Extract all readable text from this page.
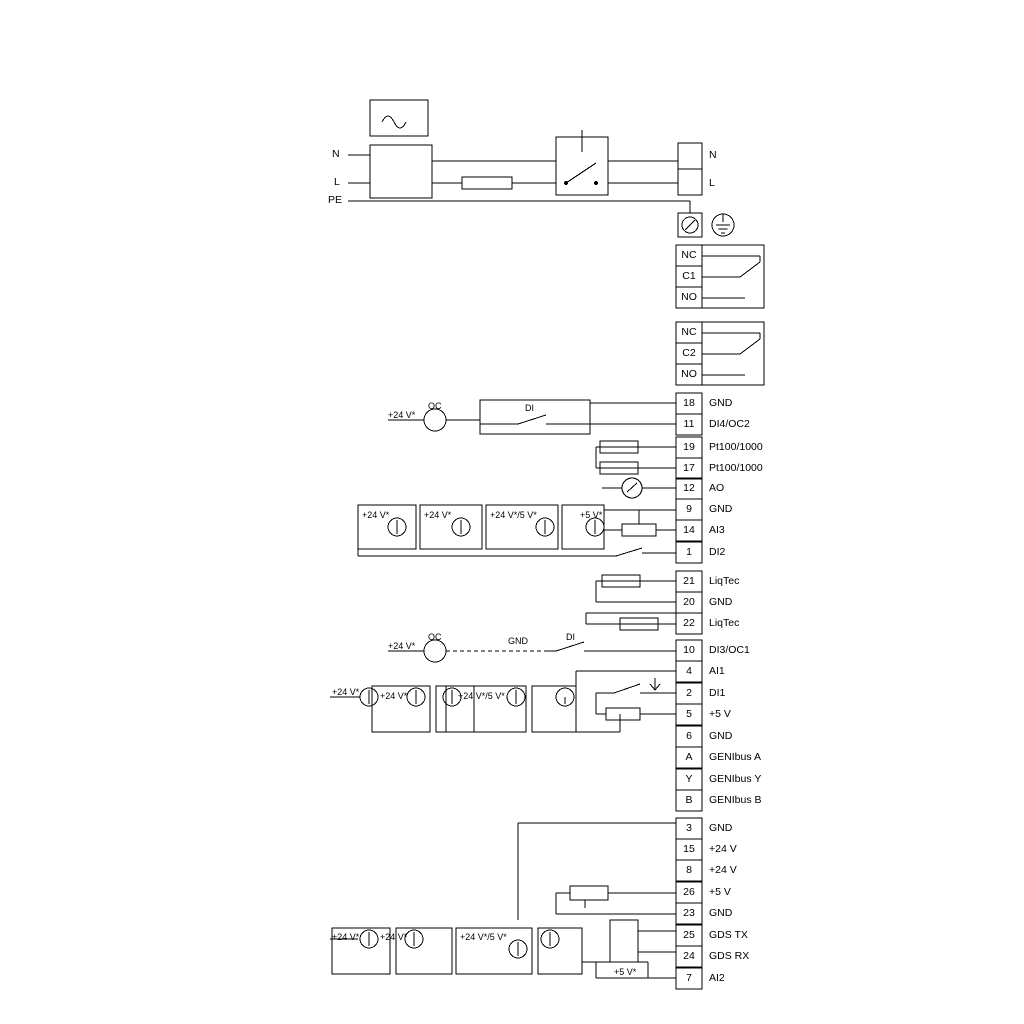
N
L
PE
N
L
NC
C1
NO
NC
C2
NO
18	GND
11	DI4/OC2
19	Pt100/1000
17	Pt100/1000
12	AO
9	GND
14	AI3
1	DI2
21	LiqTec
20	GND
22	LiqTec
10	DI3/OC1
4	AI1
2	DI1
5	+5 V
6	GND
A	GENIbus A
Y	GENIbus Y
B	GENIbus B
3	GND
15	+24 V
8	+24 V
26	+5 V
23	GND
25	GDS TX
24	GDS RX
7	AI2
OC	DI
+24 V*
+24 V*	+24 V*	+24 V*/5 V*	+5 V*
OC
+24 V*	GND	DI
+24 V* +24 V*	+24 V*/5 V*
+24 V* +24 V*	+24 V*/5 V*
+5 V*
